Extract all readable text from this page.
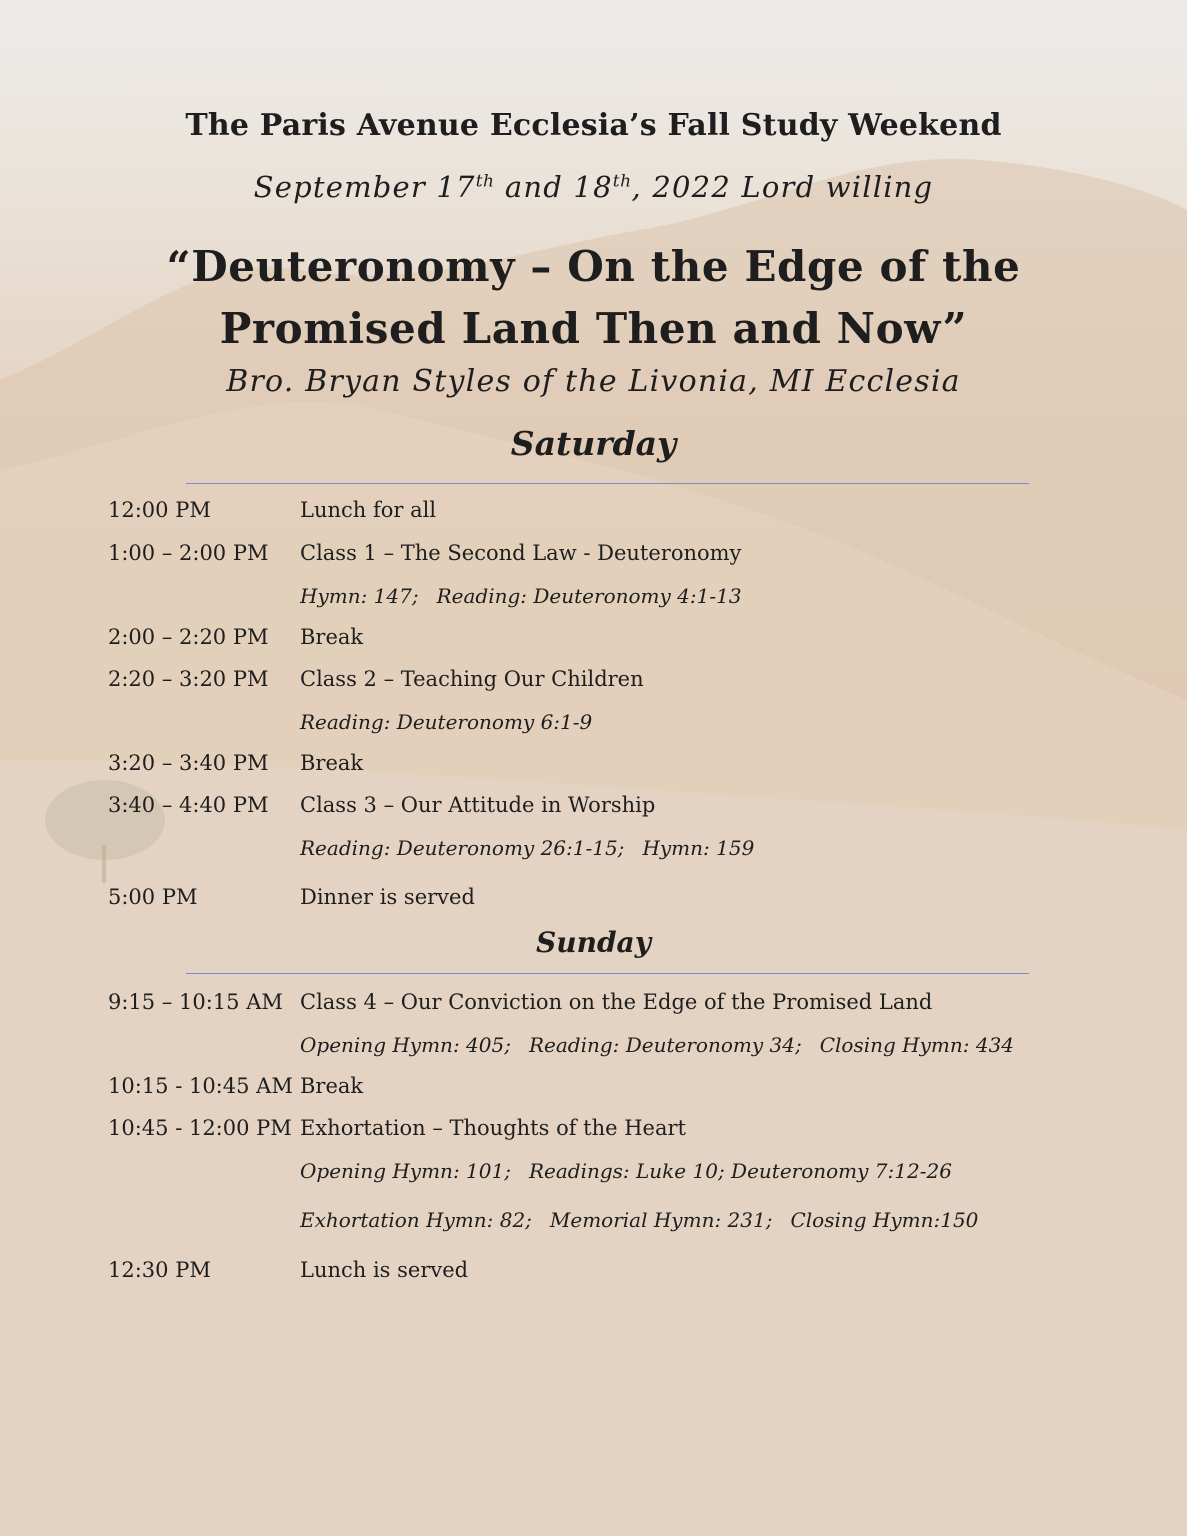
The Paris Avenue Ecclesia’s Fall Study Weekend
September 17th and 18th, 2022 Lord willing
“Deuteronomy – On the Edge of the
Promised Land Then and Now”
Bro. Bryan Styles of the Livonia, MI Ecclesia
Saturday
12:00 PM	Lunch for all
1:00 – 2:00 PM Class 1 – The Second Law - Deuteronomy
Hymn: 147; Reading: Deuteronomy 4:1-13
2:00 – 2:20 PM Break
2:20 – 3:20 PM Class 2 – Teaching Our Children
Reading: Deuteronomy 6:1-9
3:20 – 3:40 PM Break
3:40 – 4:40 PM Class 3 – Our Attitude in Worship
Reading: Deuteronomy 26:1-15; Hymn: 159
5:00 PM	Dinner is served
Sunday
9:15 – 10:15 AM Class 4 – Our Conviction on the Edge of the Promised Land
Opening Hymn: 405; Reading: Deuteronomy 34; Closing Hymn: 434
10:15 - 10:45 AM Break
10:45 - 12:00 PM Exhortation – Thoughts of the Heart
Opening Hymn: 101; Readings: Luke 10; Deuteronomy 7:12-26
Exhortation Hymn: 82; Memorial Hymn: 231; Closing Hymn:150
12:30 PM	Lunch is served
